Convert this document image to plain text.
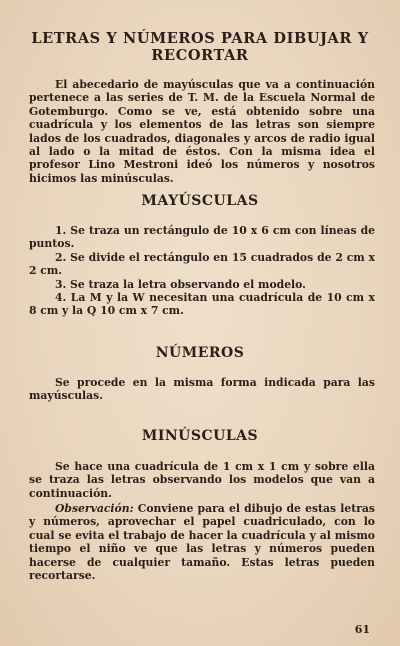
LETRAS Y NÚMEROS PARA DIBUJAR Y RECORTAR

El abecedario de mayúsculas que va a continuación pertenece a las series de T. M. de la Escuela Normal de Gotemburgo. Como se ve, está obtenido sobre una cuadrícula y los elementos de las letras son siempre lados de los cuadrados, diagonales y arcos de radio igual al lado o la mitad de éstos. Con la misma idea el profesor Lino Mestroni ideó los números y nosotros hicimos las minúsculas.

MAYÚSCULAS
1. Se traza un rectángulo de 10 x 6 cm con líneas de puntos.
2. Se divide el rectángulo en 15 cuadrados de 2 cm x 2 cm.
3. Se traza la letra observando el modelo.
4. La M y la W necesitan una cuadrícula de 10 cm x 8 cm y la Q 10 cm x 7 cm.
NÚMEROS

Se procede en la misma forma indicada para las mayúsculas.

MINÚSCULAS

Se hace una cuadrícula de 1 cm x 1 cm y sobre ella se traza las letras observando los modelos que van a continuación.

Observación: Conviene para el dibujo de estas letras y números, aprovechar el papel cuadriculado, con lo cual se evita el trabajo de hacer la cuadrícula y al mismo tiempo el niño ve que las letras y números pueden hacerse de cualquier tamaño. Estas letras pueden recortarse.

61
